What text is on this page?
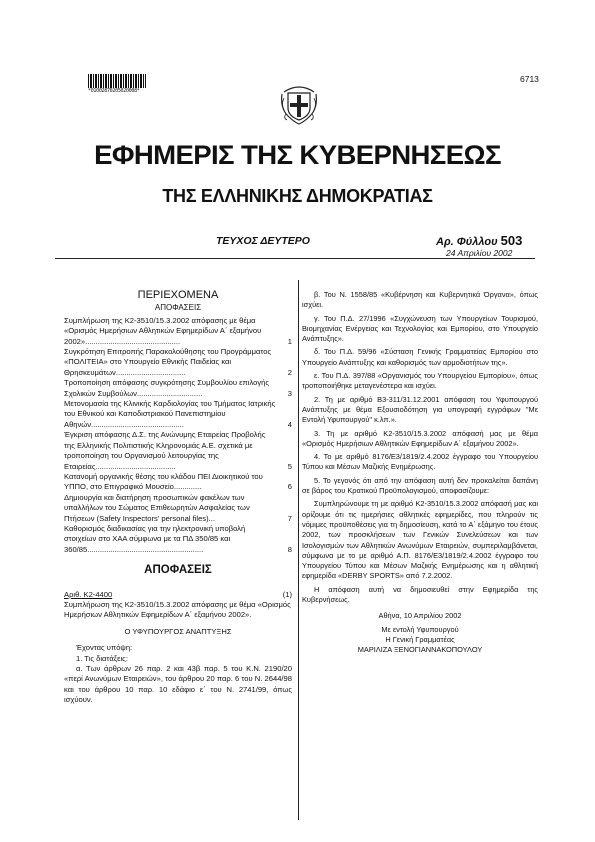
*01002870205020008*
6713
ΕΦΗΜΕΡΙΣ ΤΗΣ ΚΥΒΕΡΝΗΣΕΩΣ
ΤΗΣ ΕΛΛΗΝΙΚΗΣ ΔΗΜΟΚΡΑΤΙΑΣ
ΤΕΥΧΟΣ ΔΕΥΤΕΡΟ	Αρ. Φύλλου 503
24 Απριλίου 2002
ΠΕΡΙΕΧΟΜΕΝΑ
ΑΠΟΦΑΣΕΙΣ
Συμπλήρωση της Κ2-3510/15.3.2002 απόφασης με θέμα «Ορισμός Ημερήσιων Αθλητικών Εφημερίδων Α΄ εξαμήνου 2002».............................................	1
Συγκρότηση Επιτροπής Παρακολούθησης του Προγράμματος «ΠΟΛΙΤΕΙΑ» στο Υπουργείο Εθνικής Παιδείας και Θρησκευμάτων.................................	2
Τροποποίηση απόφασης συγκρότησης Συμβουλίου επιλογής Σχολικών Συμβούλων...............................	3
Μετονομασία της Κλινικής Καρδιολογίας του Τμήματος Ιατρικής του Εθνικού και Καποδιστριακού Πανεπιστημίου Αθηνών............................................	4
Έγκριση απόφασης Δ.Σ. της Ανώνυμης Εταιρείας Προβολής της Ελληνικής Πολιτιστικής Κληρονομιάς Α.Ε. σχετικά με τροποποίηση του Οργανισμού λειτουργίας της Εταιρείας......................................	5
Κατανομή οργανικής θέσης του κλάδου ΠΕΙ Διοικητικού του ΥΠΠΟ, στο Επιγραφικό Μουσείο.............	6
Δημιουργία και διατήρηση προσωπικών φακέλων των υπαλλήλων του Σώματος Επιθεωρητών Ασφαλείας των Πτήσεων (Safety Inspectors' personal files)...	7
Καθορισμός διαδικασίας για την ηλεκτρονική υποβολή στοιχείων στο ΧΑΑ σύμφωνα με τα ΠΔ 350/85 και 360/85.......................................................	8
ΑΠΟΦΑΣΕΙΣ
Αριθ. Κ2-4400	(1)
Συμπλήρωση της Κ2-3510/15.3.2002 απόφασης με θέμα «Ορισμός Ημερήσιων Αθλητικών Εφημερίδων Α΄ εξαμήνου 2002».
Ο ΥΦΥΠΟΥΡΓΟΣ ΑΝΑΠΤΥΞΗΣ
Έχοντας υπόψη:
1. Τις διατάξεις:
α. Των άρθρων 26 παρ. 2 και 43β παρ. 5 του Κ.Ν. 2190/20 «περί Ανωνύμων Εταιρειών», του άρθρου 20 παρ. 6 του Ν. 2644/98 και του άρθρου 10 παρ. 10 εδάφιο ε΄ του Ν. 2741/99, όπως ισχύουν.
β. Του Ν. 1558/85 «Κυβέρνηση και Κυβερνητικά Όργανα», όπως ισχύει.
γ. Του Π.Δ. 27/1996 «Συγχώνευση των Υπουργείων Τουρισμού, Βιομηχανίας Ενέργειας και Τεχνολογίας και Εμπορίου, στο Υπουργείο Ανάπτυξης».
δ. Του Π.Δ. 59/96 «Σύσταση Γενικής Γραμματείας Εμπορίου στο Υπουργείο Ανάπτυξης και καθορισμός των αρμοδιοτήτων της».
ε. Του Π.Δ. 397/88 «Οργανισμός του Υπουργείου Εμπορίου», όπως τροποποιήθηκε μεταγενέστερα και ισχύει.
2. Τη με αριθμό Β3-311/31.12.2001 απόφαση του Υφυπουργού Ανάπτυξης με θέμα Εξουσιοδότηση για υπογραφή εγγράφων "Με Εντολή Υφυπουργού" κ.λπ.».
3. Τη με αριθμό Κ2-3510/15.3.2002 απόφασή μας με θέμα «Ορισμός Ημερήσιων Αθλητικών Εφημερίδων Α΄ εξαμήνου 2002».
4. Το με αριθμό 8176/Ε3/1819/2.4.2002 έγγραφο του Υπουργείου Τύπου και Μέσων Μαζικής Ενημέρωσης.
5. Το γεγονός ότι από την απόφαση αυτή δεν προκαλείται δαπάνη σε βάρος του Κρατικού Προϋπολογισμού, αποφασίζουμε:
Συμπληρώνουμε τη με αριθμό Κ2-3510/15.3.2002 απόφασή μας και ορίζουμε ότι τις ημερήσιες αθλητικές εφημερίδες, που πληρούν τις νόμιμες προϋποθέσεις για τη δημοσίευση, κατά το Α΄ εξάμηνο του έτους 2002, των προσκλήσεων των Γενικών Συνελεύσεων και των Ισολογισμών των Αθλητικών Ανωνύμων Εταιρειών, συμπεριλαμβάνεται, σύμφωνα με το με αριθμό Α.Π. 8176/Ε3/1819/2.4.2002 έγγραφο του Υπουργείου Τύπου και Μέσων Μαζικής Ενημέρωσης και η αθλητική εφημερίδα «DERBY SPORTS» από 7.2.2002.
Η απόφαση αυτή να δημοσιευθεί στην Εφημερίδα της Κυβερνήσεως.
Αθήνα, 10 Απριλίου 2002
Με εντολή Υφυπουργού
Η Γενική Γραμματέας
ΜΑΡΙΛΙΖΑ ΞΕΝΟΓΙΑΝΝΑΚΟΠΟΥΛΟΥ
